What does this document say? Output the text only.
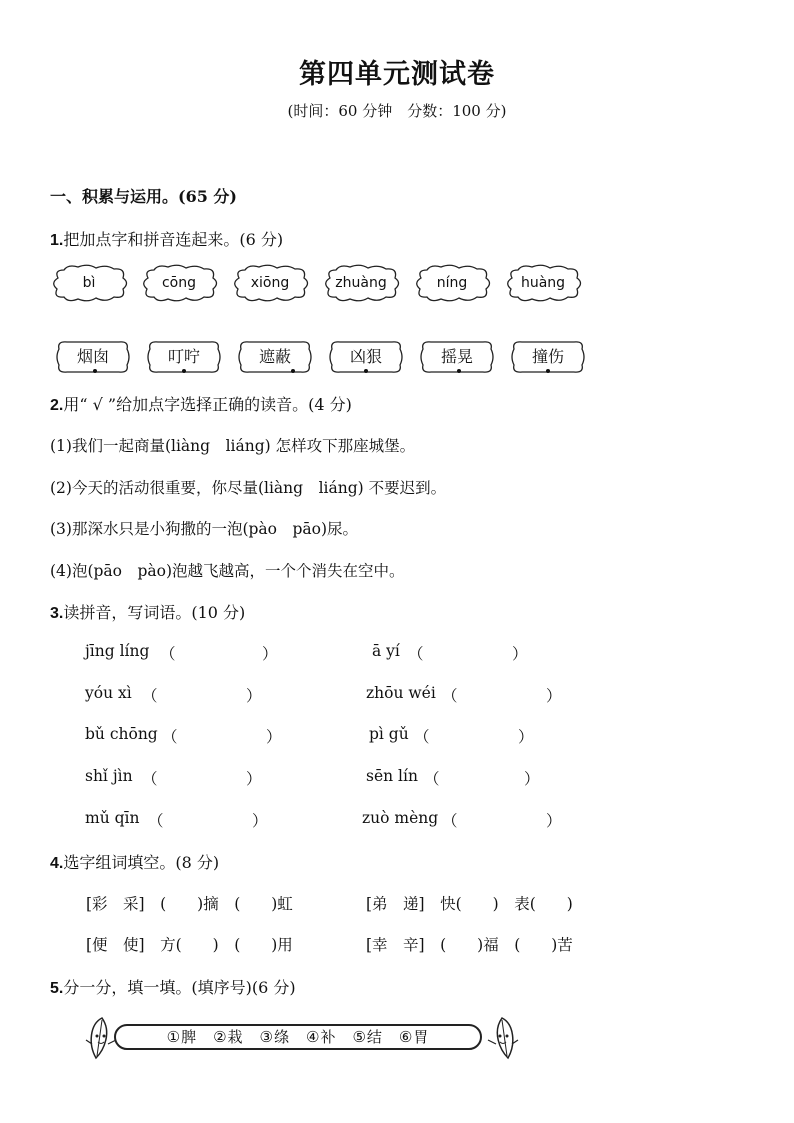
第四单元测试卷
(时间：60 分钟　分数：100 分)
一、积累与运用。(65 分)
1.把加点字和拼音连起来。(6 分)
bì	cōng	xiōng	zhuàng	níng	huàng
烟囱	叮咛	遮蔽	凶狠	摇晃	撞伤
2.用“ √ ”给加点字选择正确的读音。(4 分)
(1)我们一起商量(liàng　liáng) 怎样攻下那座城堡。
(2)今天的活动很重要，你尽量(liàng　liáng) 不要迟到。
(3)那深水只是小狗撒的一泡(pào　pāo)尿。
(4)泡(pāo　pào)泡越飞越高，一个个消失在空中。
3.读拼音，写词语。(10 分)
jīng líng （	）	ā yí （	）
yóu xì （	）	zhōu wéi （	）
bǔ chōng （	）	pì gǔ （	）
shǐ jìn （	）	sēn lín （	）
mǔ qīn （	）	zuò mèng （	）
4.选字组词填空。(8 分)
[彩　采]　(　　)摘　(　　)虹	[弟　递]　快(　　)　表(　　)
[便　使]　方(　　)　(　　)用	[幸　辛]　(　　)福　(　　)苦
5.分一分，填一填。(填序号)(6 分)
①脾　②栽　③绦　④补　⑤结　⑥胃
